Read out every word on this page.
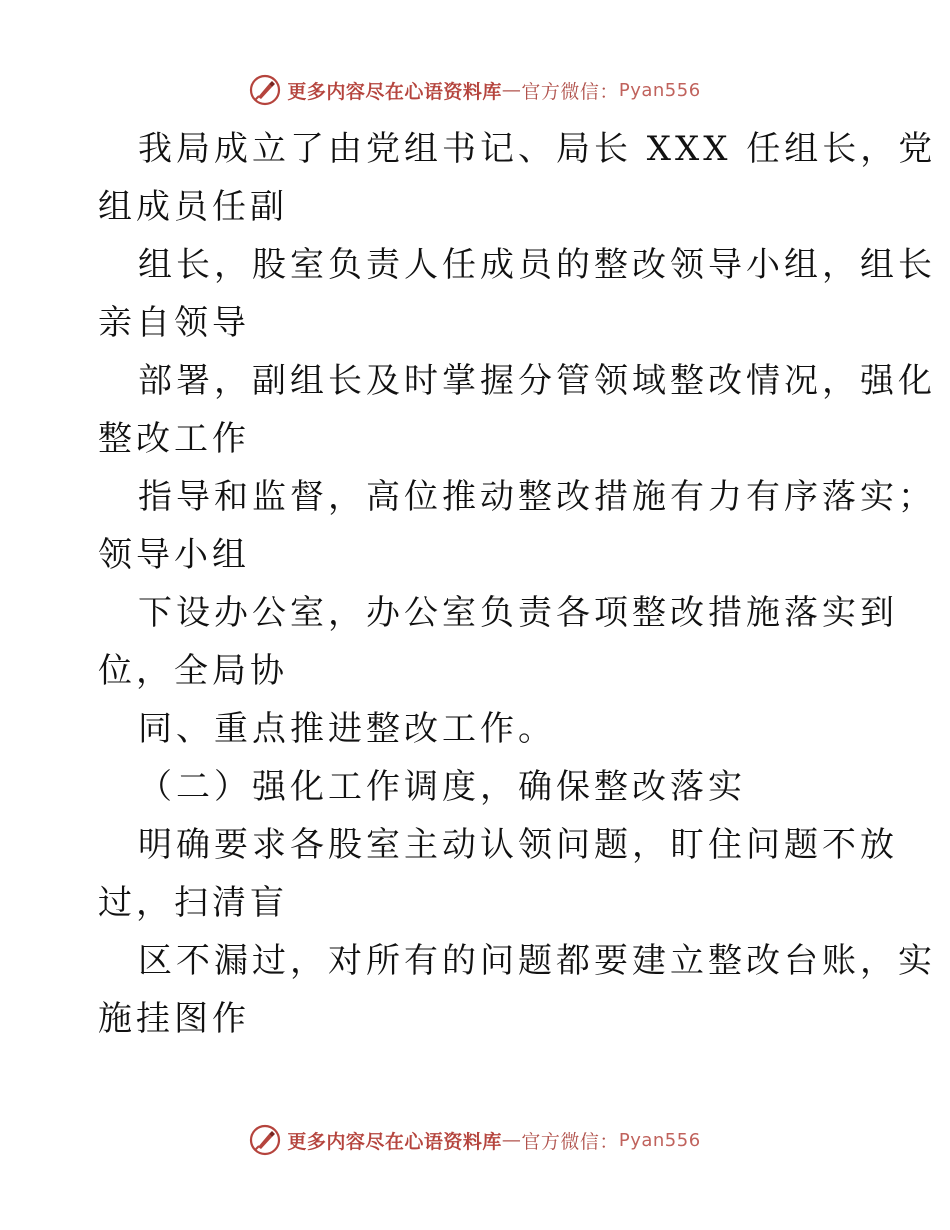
更多内容尽在心语资料库 — 官方微信： Pyan556
我局成立了由党组书记、局长 XXX 任组长，党
组成员任副
组长，股室负责人任成员的整改领导小组，组长
亲自领导
部署，副组长及时掌握分管领域整改情况，强化
整改工作
指导和监督，高位推动整改措施有力有序落实；
领导小组
下设办公室，办公室负责各项整改措施落实到
位，全局协
同、重点推进整改工作。
（二）强化工作调度，确保整改落实
明确要求各股室主动认领问题，盯住问题不放
过，扫清盲
区不漏过，对所有的问题都要建立整改台账，实
施挂图作
更多内容尽在心语资料库 — 官方微信： Pyan556
